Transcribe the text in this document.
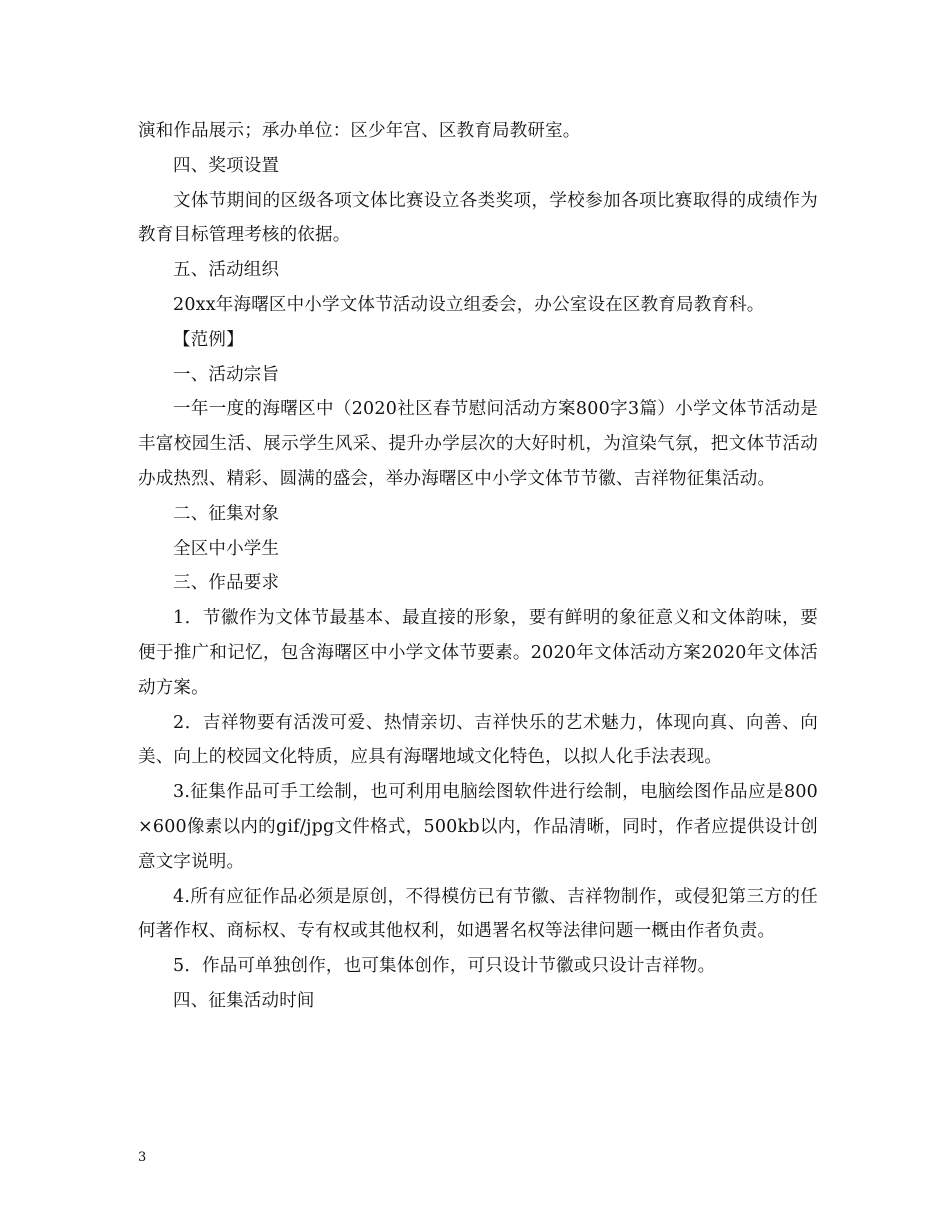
演和作品展示；承办单位：区少年宫、区教育局教研室。

四、奖项设置

文体节期间的区级各项文体比赛设立各类奖项，学校参加各项比赛取得的成绩作为教育目标管理考核的依据。

五、活动组织

20xx年海曙区中小学文体节活动设立组委会，办公室设在区教育局教育科。

【范例】

一、活动宗旨

一年一度的海曙区中（2020社区春节慰问活动方案800字3篇）小学文体节活动是丰富校园生活、展示学生风采、提升办学层次的大好时机，为渲染气氛，把文体节活动办成热烈、精彩、圆满的盛会，举办海曙区中小学文体节节徽、吉祥物征集活动。

二、征集对象

全区中小学生

三、作品要求

1．节徽作为文体节最基本、最直接的形象，要有鲜明的象征意义和文体韵味，要便于推广和记忆，包含海曙区中小学文体节要素。2020年文体活动方案2020年文体活动方案。

2．吉祥物要有活泼可爱、热情亲切、吉祥快乐的艺术魅力，体现向真、向善、向美、向上的校园文化特质，应具有海曙地域文化特色，以拟人化手法表现。

3.征集作品可手工绘制，也可利用电脑绘图软件进行绘制，电脑绘图作品应是800×600像素以内的gif/jpg文件格式，500kb以内，作品清晰，同时，作者应提供设计创意文字说明。

4.所有应征作品必须是原创，不得模仿已有节徽、吉祥物制作，或侵犯第三方的任何著作权、商标权、专有权或其他权利，如遇署名权等法律问题一概由作者负责。

5．作品可单独创作，也可集体创作，可只设计节徽或只设计吉祥物。

四、征集活动时间

3
